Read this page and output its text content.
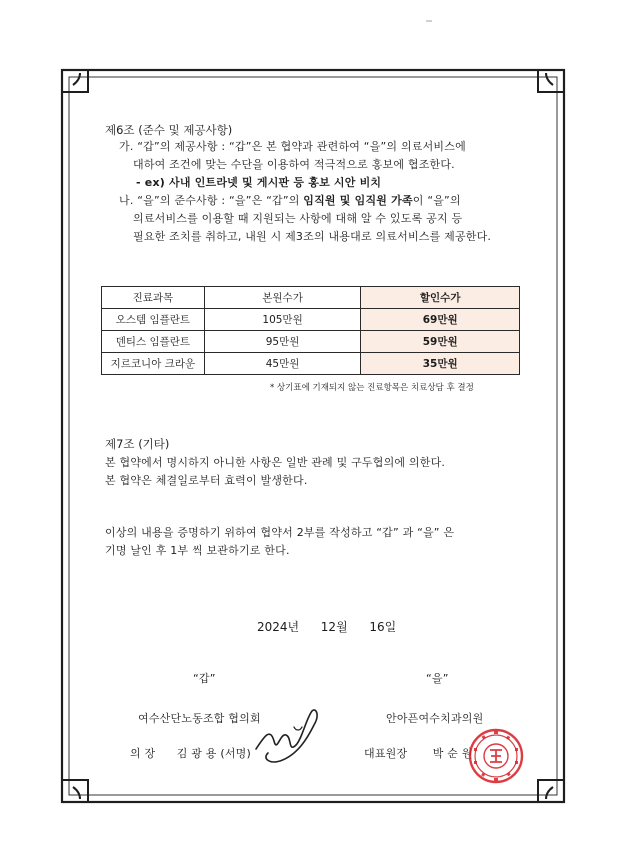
제6조 (준수 및 제공사항)
가. “갑”의 제공사항 : “갑”은 본 협약과 관련하여 “을”의 의료서비스에
대하여 조건에 맞는 수단을 이용하여 적극적으로 홍보에 협조한다.
- ex) 사내 인트라넷 및 게시판 등 홍보 시안 비치
나. “을”의 준수사항 : “을”은 “갑”의 임직원 및 임직원 가족이 “을”의
의료서비스를 이용할 때 지원되는 사항에 대해 알 수 있도록 공지 등
필요한 조치를 취하고, 내원 시 제3조의 내용대로 의료서비스를 제공한다.
진료과목	본원수가	할인수가
오스템 임플란트	105만원	69만원
덴티스 임플란트	95만원	59만원
지르코니아 크라운	45만원	35만원
* 상기표에 기재되지 않는 진료항목은 치료상담 후 결정
제7조 (기타)
본 협약에서 명시하지 아니한 사항은 일반 관례 및 구두협의에 의한다.
본 협약은 체결일로부터 효력이 발생한다.
이상의 내용을 증명하기 위하여 협약서 2부를 작성하고 “갑” 과 “을” 은
기명 날인 후 1부 씩 보관하기로 한다.
2024년 12월 16일
“갑”
여수산단노동조합 협의회
의 장 김 광 용 (서명)
“을”
안아픈여수치과의원
대표원장 박 순 원
